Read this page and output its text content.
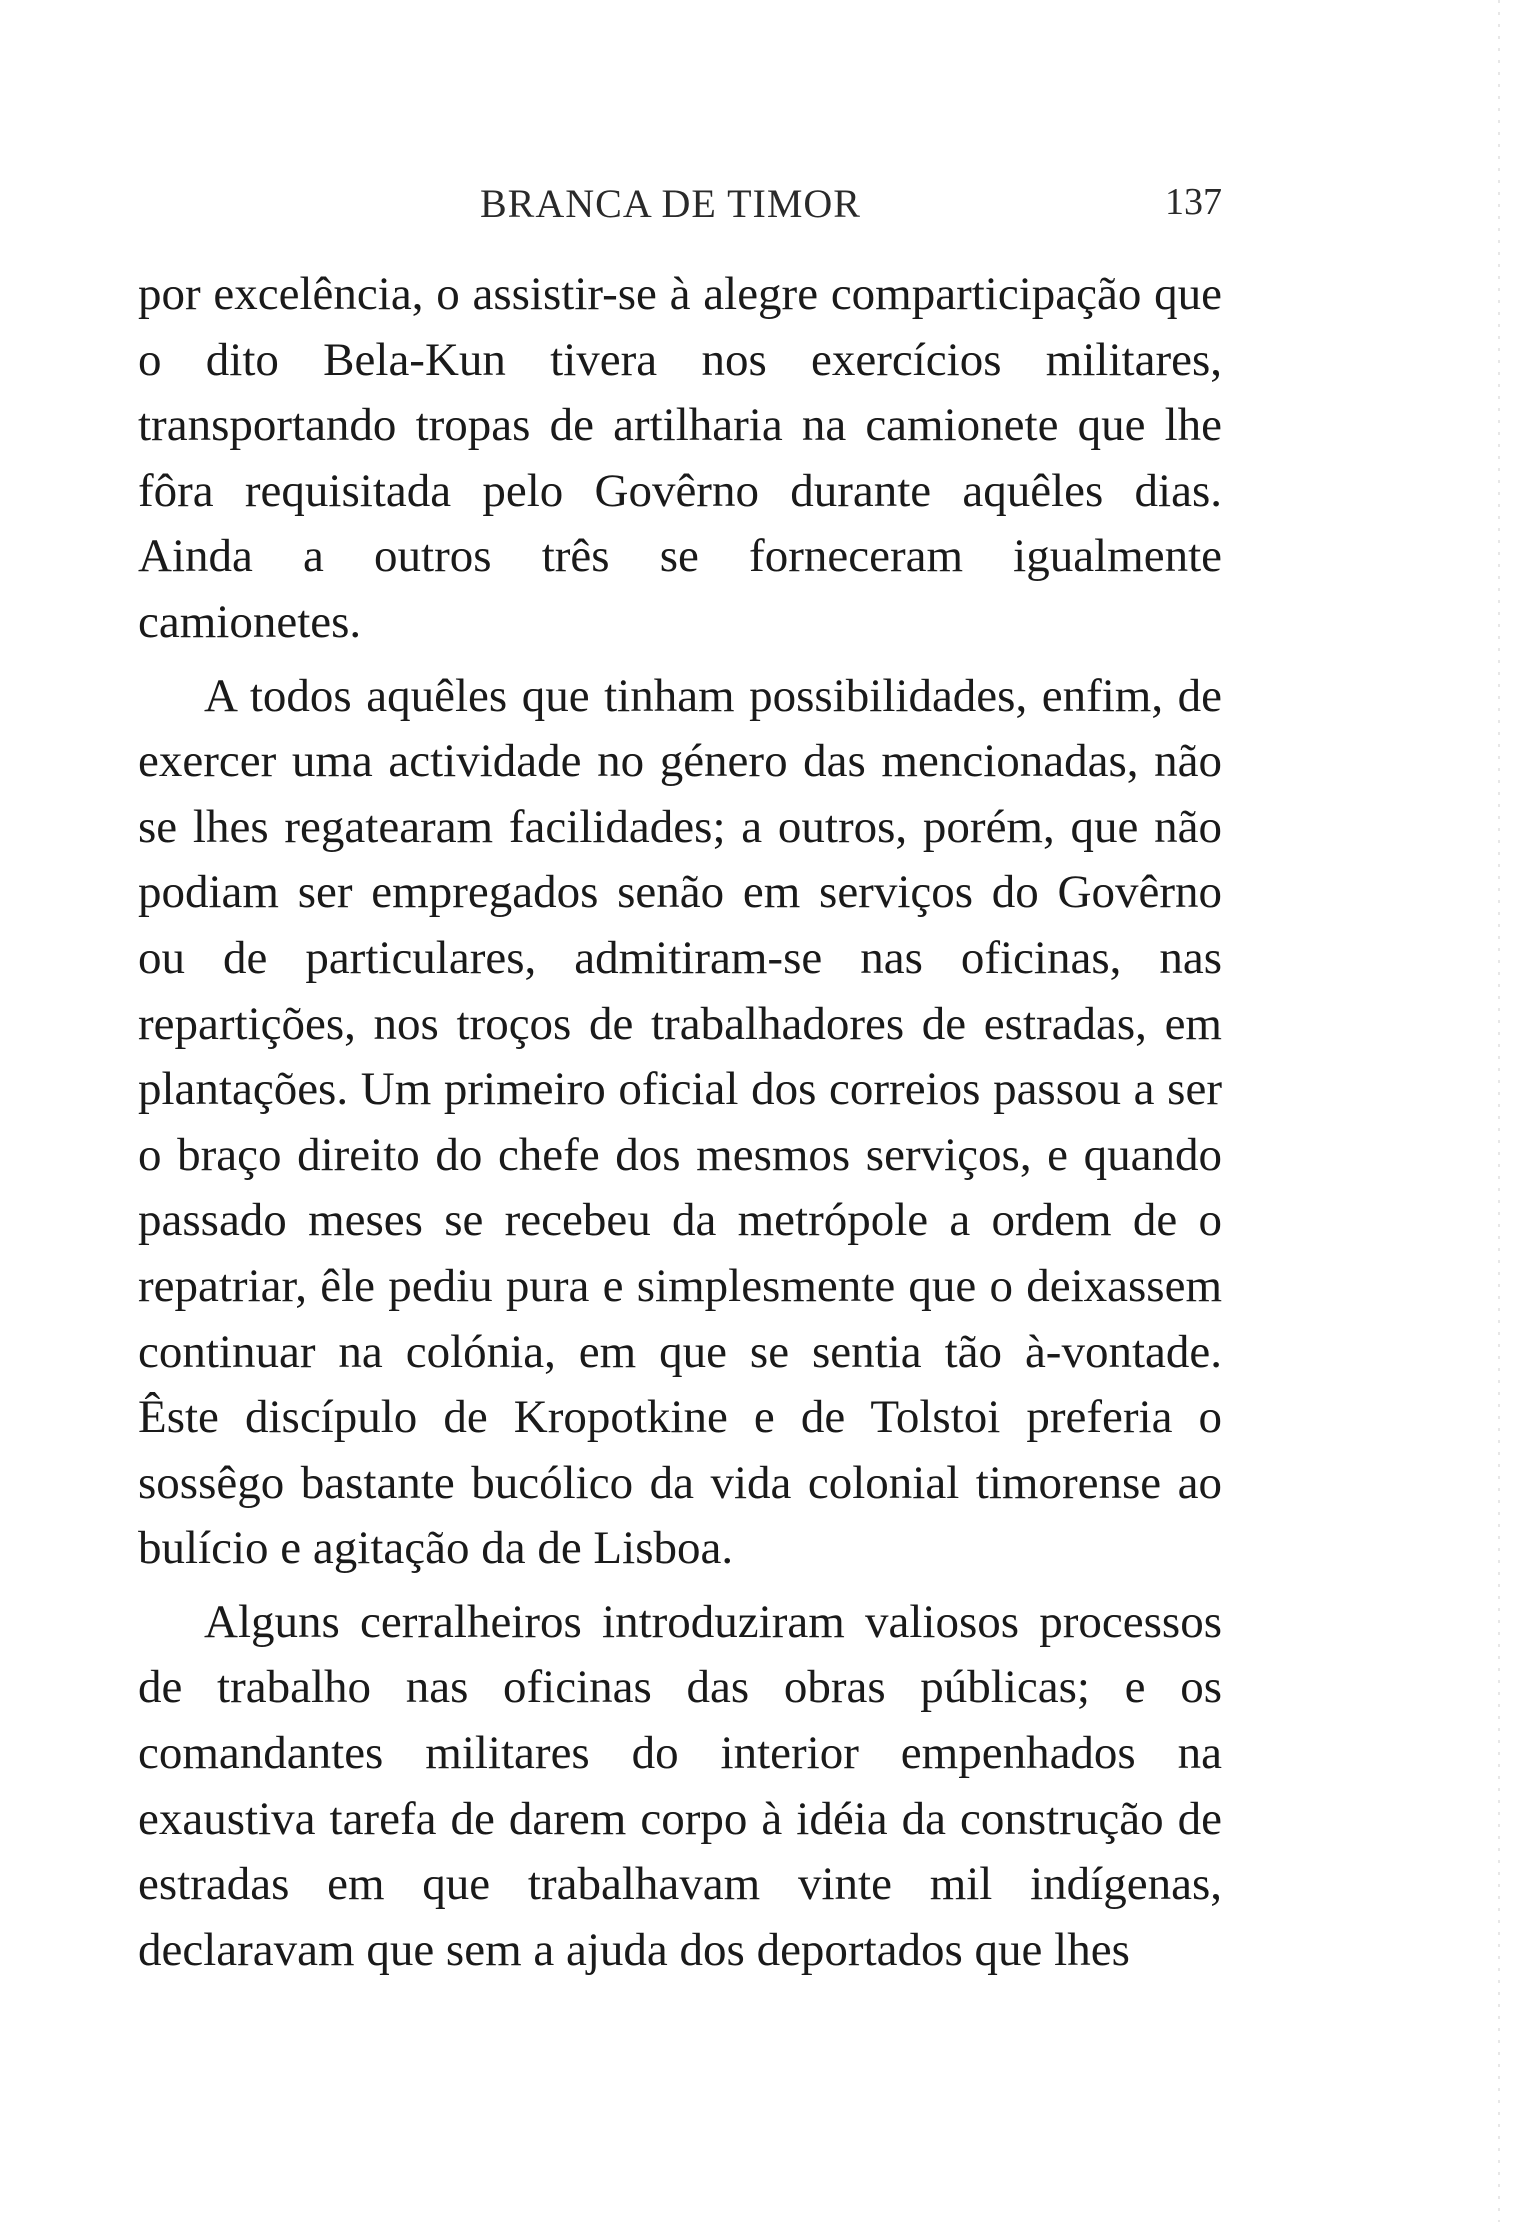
BRANCA DE TIMOR	137

por excelência, o assistir-se à alegre comparticipação que o dito Bela-Kun tivera nos exercícios militares, transportando tropas de artilharia na camionete que lhe fôra requisitada pelo Govêrno durante aquêles dias. Ainda a outros três se forneceram igualmente camionetes.

A todos aquêles que tinham possibilidades, enfim, de exercer uma actividade no género das mencionadas, não se lhes regatearam facilidades; a outros, porém, que não podiam ser empregados senão em serviços do Govêrno ou de particulares, admitiram-se nas oficinas, nas repartições, nos troços de trabalhadores de estradas, em plantações. Um primeiro oficial dos correios passou a ser o braço direito do chefe dos mesmos serviços, e quando passado meses se recebeu da metrópole a ordem de o repatriar, êle pediu pura e simplesmente que o deixassem continuar na colónia, em que se sentia tão à-vontade. Êste discípulo de Kropotkine e de Tolstoi preferia o sossêgo bastante bucólico da vida colonial timorense ao bulício e agitação da de Lisboa.

Alguns cerralheiros introduziram valiosos processos de trabalho nas oficinas das obras públicas; e os comandantes militares do interior empenhados na exaustiva tarefa de darem corpo à idéia da construção de estradas em que trabalhavam vinte mil indígenas, declaravam que sem a ajuda dos deportados que lhes
